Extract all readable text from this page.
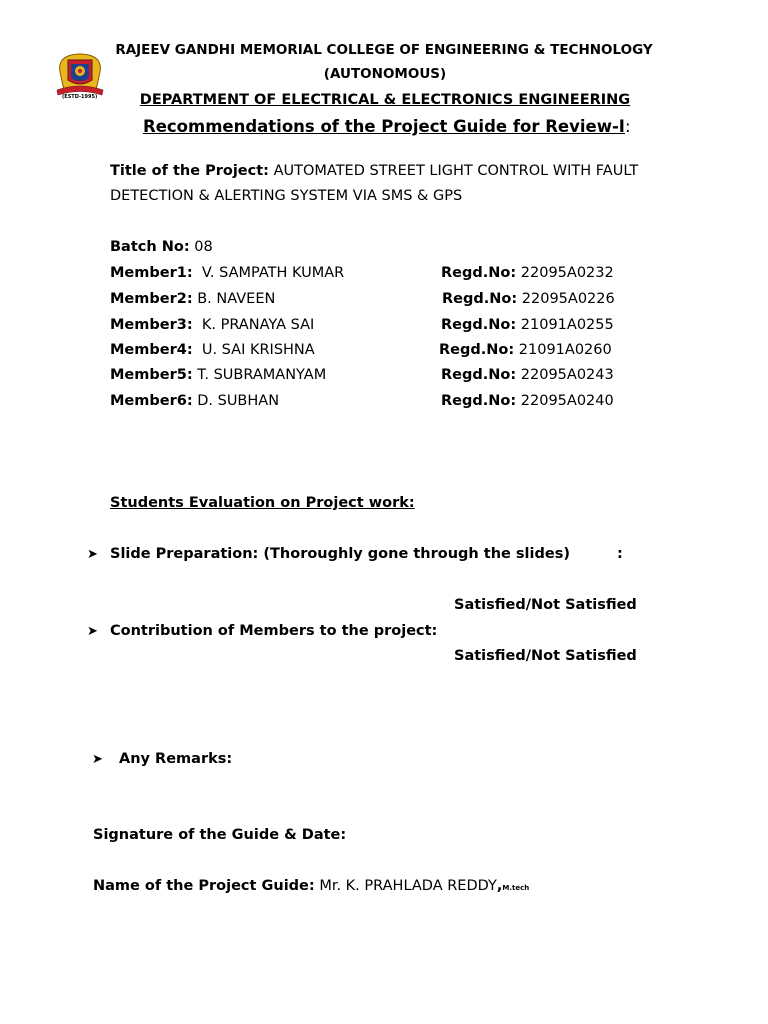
(ESTD-1995)
RAJEEV GANDHI MEMORIAL COLLEGE OF ENGINEERING & TECHNOLOGY
(AUTONOMOUS)
DEPARTMENT OF ELECTRICAL & ELECTRONICS ENGINEERING
Recommendations of the Project Guide for Review-I:
Title of the Project: AUTOMATED STREET LIGHT CONTROL WITH FAULT
DETECTION & ALERTING SYSTEM VIA SMS & GPS
Batch No: 08
Member1: V. SAMPATH KUMAR	Regd.No: 22095A0232
Member2: B. NAVEEN	Regd.No: 22095A0226
Member3: K. PRANAYA SAI	Regd.No: 21091A0255
Member4: U. SAI KRISHNA	Regd.No: 21091A0260
Member5: T. SUBRAMANYAM	Regd.No: 22095A0243
Member6: D. SUBHAN	Regd.No: 22095A0240
Students Evaluation on Project work:
➤ Slide Preparation: (Thoroughly gone through the slides)	:
Satisfied/Not Satisfied
➤ Contribution of Members to the project:
Satisfied/Not Satisfied
➤ Any Remarks:
Signature of the Guide & Date:
Name of the Project Guide: Mr. K. PRAHLADA REDDY,M.tech
